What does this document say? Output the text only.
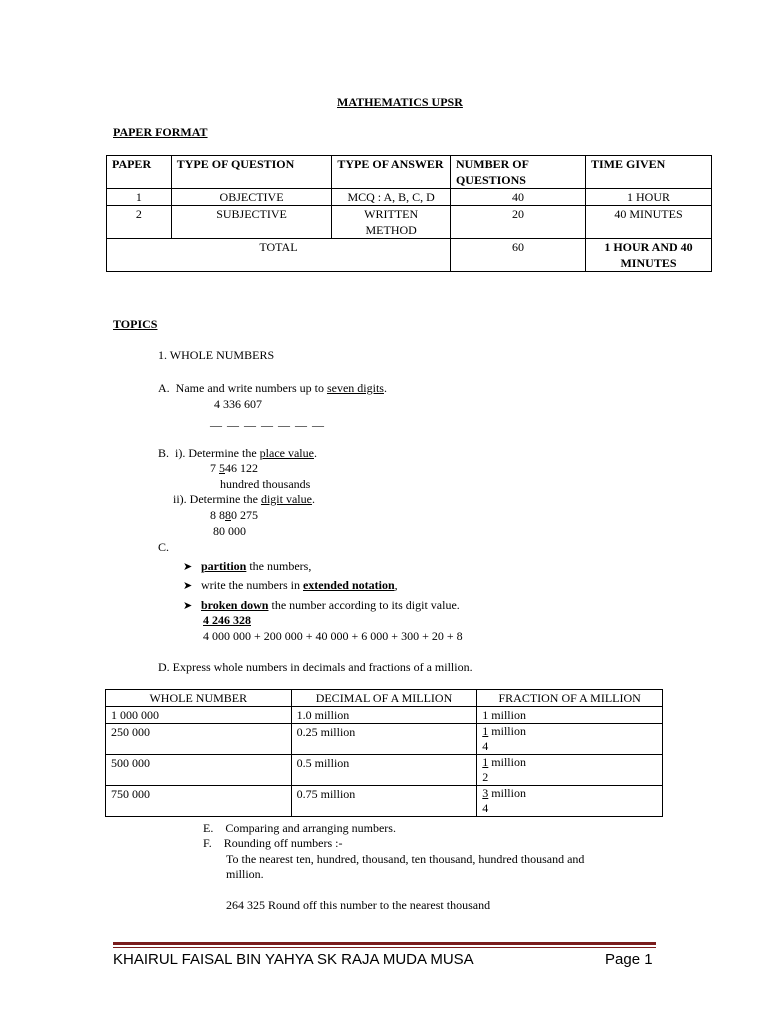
MATHEMATICS UPSR
PAPER FORMAT
PAPER	TYPE OF QUESTION	TYPE OF ANSWER	NUMBER OF QUESTIONS	TIME GIVEN
1	OBJECTIVE	MCQ : A, B, C, D	40	1 HOUR
2	SUBJECTIVE	WRITTEN METHOD	20	40 MINUTES
TOTAL			60	1 HOUR AND 40 MINUTES
TOPICS
1. WHOLE NUMBERS
A. Name and write numbers up to seven digits.
4 336 607
— — — — — — —
B. i). Determine the place value.
7 546 122
hundred thousands
ii). Determine the digit value.
8 880 275
80 000
C.
➤ partition the numbers,
➤ write the numbers in extended notation,
➤ broken down the number according to its digit value.
4 246 328
4 000 000 + 200 000 + 40 000 + 6 000 + 300 + 20 + 8
D. Express whole numbers in decimals and fractions of a million.
WHOLE NUMBER	DECIMAL OF A MILLION	FRACTION OF A MILLION
1 000 000	1.0 million	1 million
250 000	0.25 million	1 million
4
500 000	0.5 million	1 million
2
750 000	0.75 million	3 million
4
E. Comparing and arranging numbers.
F. Rounding off numbers :-
To the nearest ten, hundred, thousand, ten thousand, hundred thousand and
million.
264 325 Round off this number to the nearest thousand
KHAIRUL FAISAL BIN YAHYA SK RAJA MUDA MUSA	Page 1
